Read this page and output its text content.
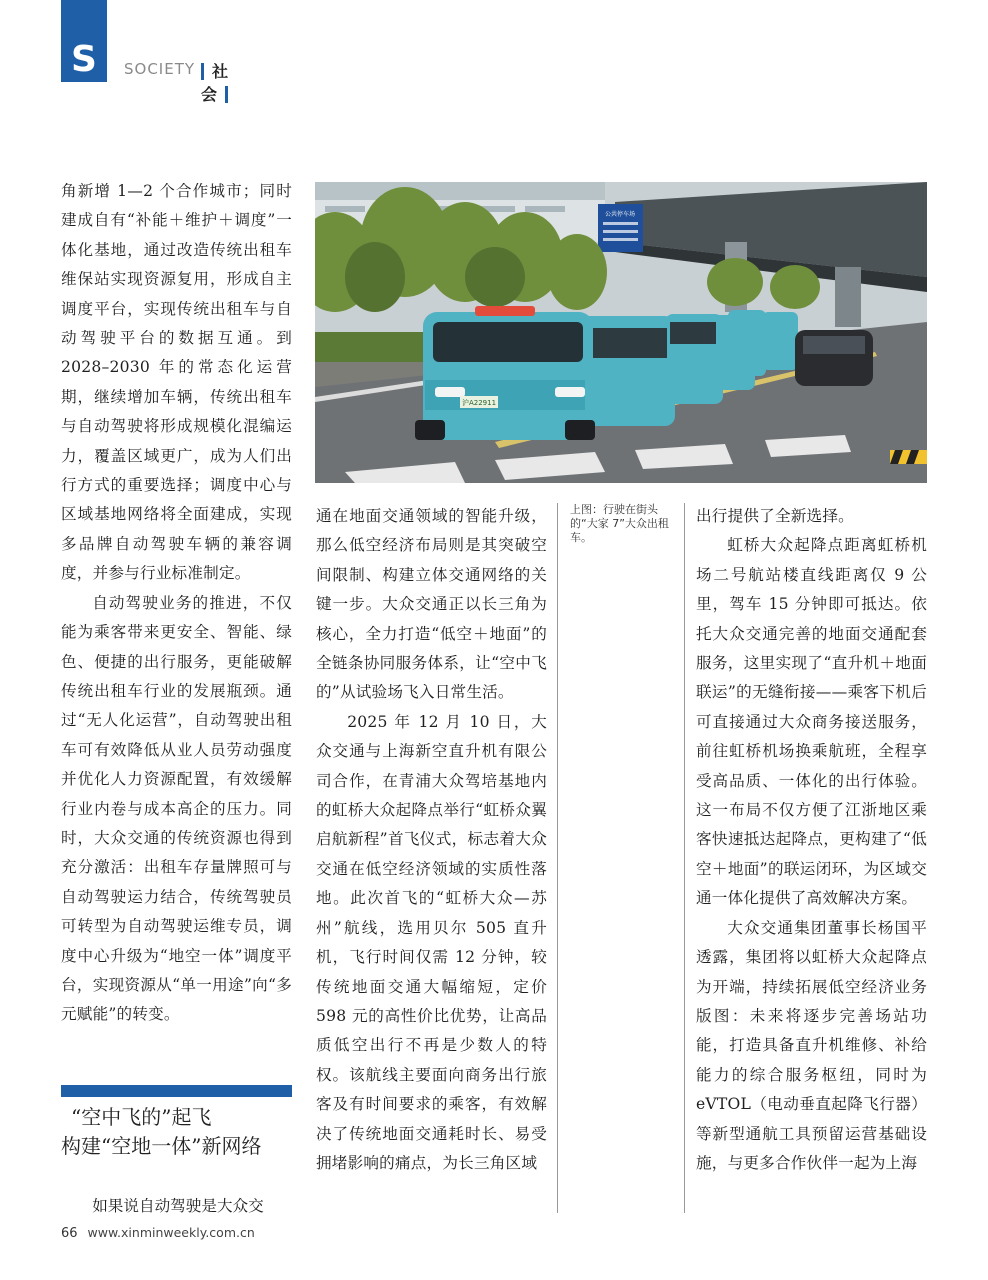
S SOCIETY	社会
公共停车场
沪A22911
上图：行驶在街头的“大家 7”大众出租车。

角新增 1—2 个合作城市；同时建成自有“补能＋维护＋调度”一体化基地，通过改造传统出租车维保站实现资源复用，形成自主调度平台，实现传统出租车与自动驾驶平台的数据互通。到 2028–2030 年的常态化运营期，继续增加车辆，传统出租车与自动驾驶将形成规模化混编运力，覆盖区域更广，成为人们出行方式的重要选择；调度中心与区域基地网络将全面建成，实现多品牌自动驾驶车辆的兼容调度，并参与行业标准制定。

自动驾驶业务的推进，不仅能为乘客带来更安全、智能、绿色、便捷的出行服务，更能破解传统出租车行业的发展瓶颈。通过“无人化运营”，自动驾驶出租车可有效降低从业人员劳动强度并优化人力资源配置，有效缓解行业内卷与成本高企的压力。同时，大众交通的传统资源也得到充分激活：出租车存量牌照可与自动驾驶运力结合，传统驾驶员可转型为自动驾驶运维专员，调度中心升级为“地空一体”调度平台，实现资源从“单一用途”向“多元赋能”的转变。

“空中飞的”起飞
构建“空地一体”新网络
如果说自动驾驶是大众交

通在地面交通领域的智能升级，那么低空经济布局则是其突破空间限制、构建立体交通网络的关键一步。大众交通正以长三角为核心，全力打造“低空＋地面”的全链条协同服务体系，让“空中飞的”从试验场飞入日常生活。

2025 年 12 月 10 日，大众交通与上海新空直升机有限公司合作，在青浦大众驾培基地内的虹桥大众起降点举行“虹桥众翼启航新程”首飞仪式，标志着大众交通在低空经济领域的实质性落地。此次首飞的“虹桥大众—苏州”航线，选用贝尔 505 直升机，飞行时间仅需 12 分钟，较传统地面交通大幅缩短，定价 598 元的高性价比优势，让高品质低空出行不再是少数人的特权。该航线主要面向商务出行旅客及有时间要求的乘客，有效解决了传统地面交通耗时长、易受拥堵影响的痛点，为长三角区域

出行提供了全新选择。

虹桥大众起降点距离虹桥机场二号航站楼直线距离仅 9 公里，驾车 15 分钟即可抵达。依托大众交通完善的地面交通配套服务，这里实现了“直升机＋地面联运”的无缝衔接——乘客下机后可直接通过大众商务接送服务，前往虹桥机场换乘航班，全程享受高品质、一体化的出行体验。这一布局不仅方便了江浙地区乘客快速抵达起降点，更构建了“低空＋地面”的联运闭环，为区域交通一体化提供了高效解决方案。

大众交通集团董事长杨国平透露，集团将以虹桥大众起降点为开端，持续拓展低空经济业务版图：未来将逐步完善场站功能，打造具备直升机维修、补给能力的综合服务枢纽，同时为 eVTOL（电动垂直起降飞行器）等新型通航工具预留运营基础设施，与更多合作伙伴一起为上海

66 www.xinminweekly.com.cn
